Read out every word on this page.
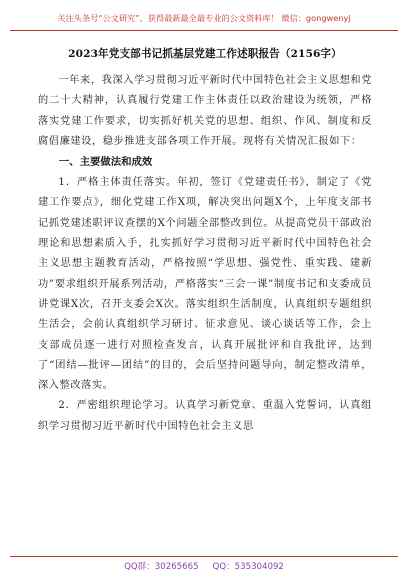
关注头条号“公文研究”，获得最新最全最专业的公文资料库！ 微信：gongwenyj
2023年党支部书记抓基层党建工作述职报告（2156字）

一年来，我深入学习贯彻习近平新时代中国特色社会主义思想和党的二十大精神，认真履行党建工作主体责任以政治建设为统领，严格落实党建工作要求，切实抓好机关党的思想、组织、作风、制度和反腐倡廉建设，稳步推进支部各项工作开展。现将有关情况汇报如下：

一、主要做法和成效

1．严格主体责任落实。年初，签订《党建责任书》，制定了《党建工作要点》，细化党建工作X项，解决突出问题X个，上年度支部书记抓党建述职评议查摆的X个问题全部整改到位。从提高党员干部政治理论和思想素质入手，扎实抓好学习贯彻习近平新时代中国特色社会主义思想主题教育活动，严格按照“学思想、强党性、重实践、建新功”要求组织开展系列活动，严格落实“三会一课”制度书记和支委成员讲党课X次，召开支委会X次。落实组织生活制度，认真组织专题组织生活会，会前认真组织学习研讨、征求意见、谈心谈话等工作，会上支部成员逐一进行对照检查发言，认真开展批评和自我批评，达到了“团结—批评—团结”的目的，会后坚持问题导向，制定整改清单，深入整改落实。

2．严密组织理论学习。认真学习新党章、重温入党誓词，认真组织学习贯彻习近平新时代中国特色社会主义思

QQ群：30265665 QQ：535304092
